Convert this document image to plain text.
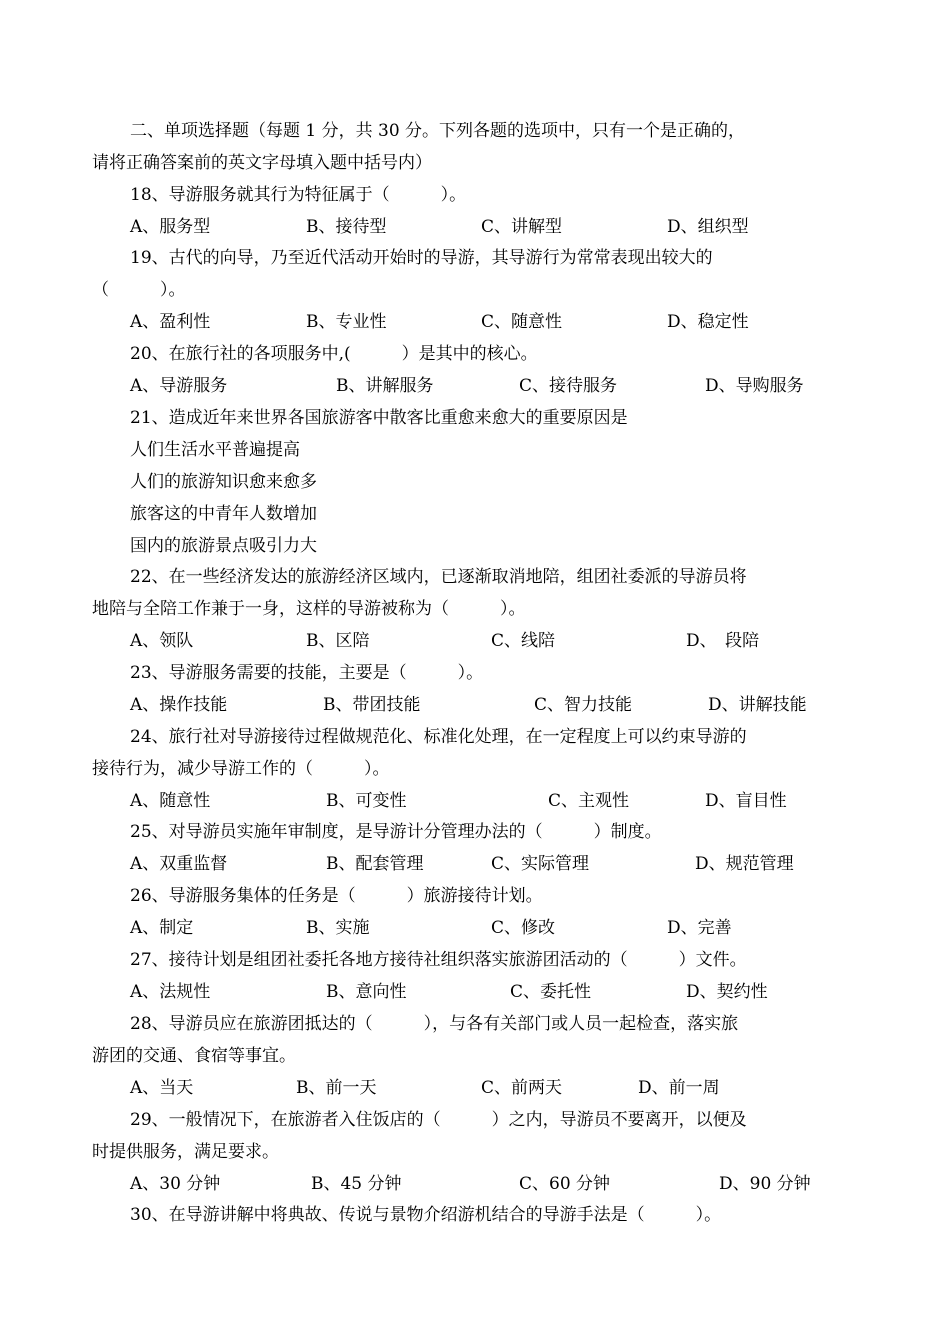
二、单项选择题（每题 1 分，共 30 分。下列各题的选项中，只有一个是正确的，
请将正确答案前的英文字母填入题中括号内）
18、导游服务就其行为特征属于（　　　）。
A、服务型	B、接待型	C、讲解型	D、组织型
19、古代的向导，乃至近代活动开始时的导游，其导游行为常常表现出较大的
（　　　）。
A、盈利性	B、专业性	C、随意性	D、稳定性
20、在旅行社的各项服务中,(　　　）是其中的核心。
A、导游服务	B、讲解服务	C、接待服务	D、导购服务
21、造成近年来世界各国旅游客中散客比重愈来愈大的重要原因是
人们生活水平普遍提高
人们的旅游知识愈来愈多
旅客这的中青年人数增加
国内的旅游景点吸引力大
22、在一些经济发达的旅游经济区域内，已逐渐取消地陪，组团社委派的导游员将
地陪与全陪工作兼于一身，这样的导游被称为（　　　）。
A、领队	B、区陪	C、线陪	D、　段陪
23、导游服务需要的技能，主要是（　　　）。
A、操作技能	B、带团技能	C、智力技能	D、讲解技能
24、旅行社对导游接待过程做规范化、标准化处理，在一定程度上可以约束导游的
接待行为，减少导游工作的（　　　）。
A、随意性	B、可变性	C、主观性	D、盲目性
25、对导游员实施年审制度，是导游计分管理办法的（　　　）制度。
A、双重监督	B、配套管理	C、实际管理	D、规范管理
26、导游服务集体的任务是（　　　）旅游接待计划。
A、制定	B、实施	C、修改	D、完善
27、接待计划是组团社委托各地方接待社组织落实旅游团活动的（　　　）文件。
A、法规性	B、意向性	C、委托性	D、契约性
28、导游员应在旅游团抵达的（　　　），与各有关部门或人员一起检查，落实旅
游团的交通、食宿等事宜。
A、当天	B、前一天	C、前两天	D、前一周
29、一般情况下，在旅游者入住饭店的（　　　）之内，导游员不要离开，以便及
时提供服务，满足要求。
A、30 分钟	B、45 分钟	C、60 分钟	D、90 分钟
30、在导游讲解中将典故、传说与景物介绍游机结合的导游手法是（　　　）。
